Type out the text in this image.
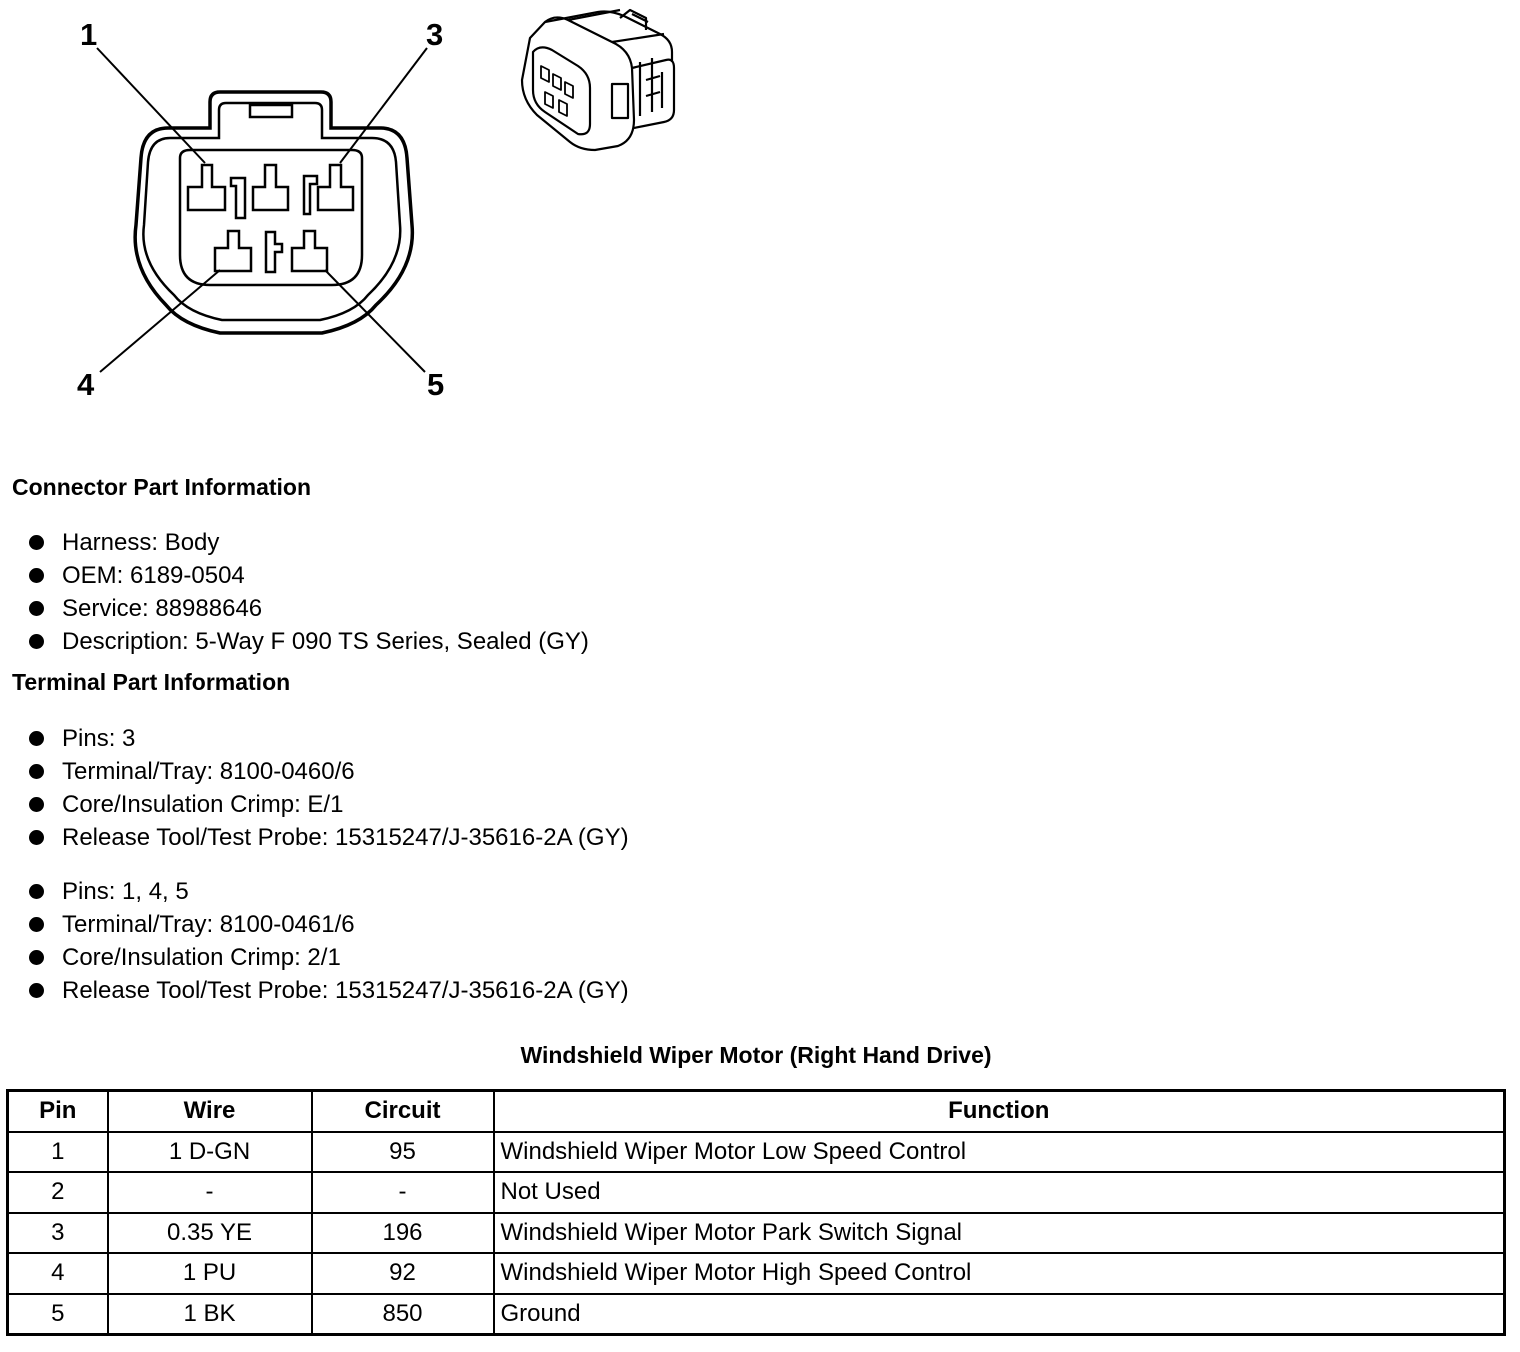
1	3
4	5
Connector Part Information
Harness: Body
OEM: 6189-0504
Service: 88988646
Description: 5-Way F 090 TS Series, Sealed (GY)
Terminal Part Information
Pins: 3
Terminal/Tray: 8100-0460/6
Core/Insulation Crimp: E/1
Release Tool/Test Probe: 15315247/J-35616-2A (GY)
Pins: 1, 4, 5
Terminal/Tray: 8100-0461/6
Core/Insulation Crimp: 2/1
Release Tool/Test Probe: 15315247/J-35616-2A (GY)
Windshield Wiper Motor (Right Hand Drive)
Pin	Wire	Circuit	Function
1	1 D-GN	95	Windshield Wiper Motor Low Speed Control
2	-	-	Not Used
3	0.35 YE	196	Windshield Wiper Motor Park Switch Signal
4	1 PU	92	Windshield Wiper Motor High Speed Control
5	1 BK	850	Ground
